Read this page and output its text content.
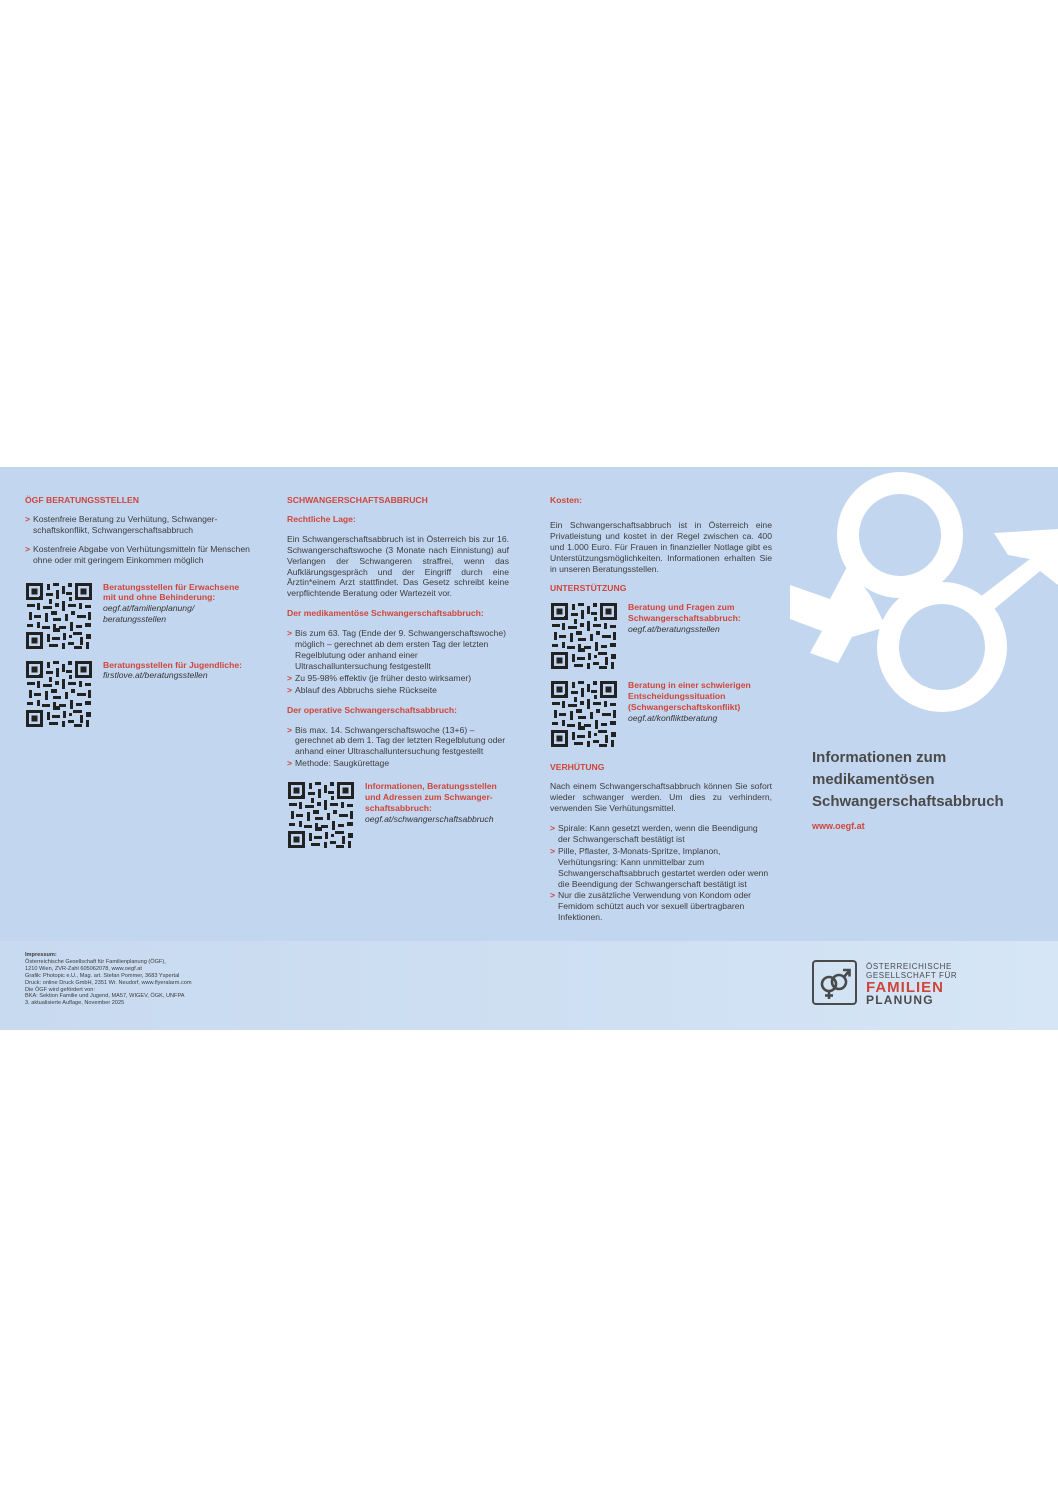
ÖGF BERATUNGSSTELLEN
> Kostenfreie Beratung zu Verhütung, Schwanger-schaftskonflikt, Schwangerschaftsabbruch
> Kostenfreie Abgabe von Verhütungsmitteln für Menschen ohne oder mit geringem Einkommen möglich
Beratungsstellen für Erwachsene mit und ohne Behinderung:
oegf.at/familienplanung/ beratungsstellen
Beratungsstellen für Jugendliche:
firstlove.at/beratungsstellen
SCHWANGERSCHAFTSABBRUCH
Rechtliche Lage:
Ein Schwangerschaftsabbruch ist in Österreich bis zur 16. Schwangerschaftswoche (3 Monate nach Einnistung) auf Verlangen der Schwangeren straffrei, wenn das Aufklärungsgespräch und der Eingriff durch eine Ärztin*einem Arzt stattfindet. Das Gesetz schreibt keine verpflichtende Beratung oder Wartezeit vor.
Der medikamentöse Schwangerschaftsabbruch:
> Bis zum 63. Tag (Ende der 9. Schwangerschaftswoche) möglich – gerechnet ab dem ersten Tag der letzten Regelblutung oder anhand einer Ultraschalluntersuchung festgestellt
> Zu 95-98% effektiv (je früher desto wirksamer)
> Ablauf des Abbruchs siehe Rückseite
Der operative Schwangerschaftsabbruch:
> Bis max. 14. Schwangerschaftswoche (13+6) – gerechnet ab dem 1. Tag der letzten Regelblutung oder anhand einer Ultraschalluntersuchung festgestellt
> Methode: Saugkürettage
Informationen, Beratungsstellen und Adressen zum Schwanger-schaftsabbruch:
oegf.at/schwangerschaftsabbruch
Kosten:
Ein Schwangerschaftsabbruch ist in Österreich eine Privatleistung und kostet in der Regel zwischen ca. 400 und 1.000 Euro. Für Frauen in finanzieller Notlage gibt es Unterstützungsmöglichkeiten. Informationen erhalten Sie in unseren Beratungsstellen.
UNTERSTÜTZUNG
Beratung und Fragen zum Schwangerschaftsabbruch:
oegf.at/beratungsstellen
Beratung in einer schwierigen Entscheidungssituation (Schwangerschaftskonflikt)
oegf.at/konfliktberatung
VERHÜTUNG
Nach einem Schwangerschaftsabbruch können Sie sofort wieder schwanger werden. Um dies zu verhindern, verwenden Sie Verhütungsmittel.
> Spirale: Kann gesetzt werden, wenn die Beendigung der Schwangerschaft bestätigt ist
> Pille, Pflaster, 3-Monats-Spritze, Implanon, Verhütungsring: Kann unmittelbar zum Schwangerschaftsabbruch gestartet werden oder wenn die Beendigung der Schwangerschaft bestätigt ist
> Nur die zusätzliche Verwendung von Kondom oder Femidom schützt auch vor sexuell übertragbaren Infektionen.
Informationen zum
medikamentösen
Schwangerschaftsabbruch
www.oegf.at
Impressum:
Österreichische Gesellschaft für Familienplanung (ÖGF),
1210 Wien, ZVR-Zahl 605062078, www.oegf.at
Grafik: Photopic e.U., Mag. art. Stefan Pommer, 3683 Yspertal
Druck: online Druck GmbH, 2351 Wr. Neudorf, www.flyeralarm.com
Die ÖGF wird gefördert von:
BKA: Sektion Familie und Jugend, MA57, WIGEV, ÖGK, UNFPA
3. aktualisierte Auflage, November 2025
ÖSTERREICHISCHE
GESELLSCHAFT FÜR
FAMILIEN
PLANUNG
